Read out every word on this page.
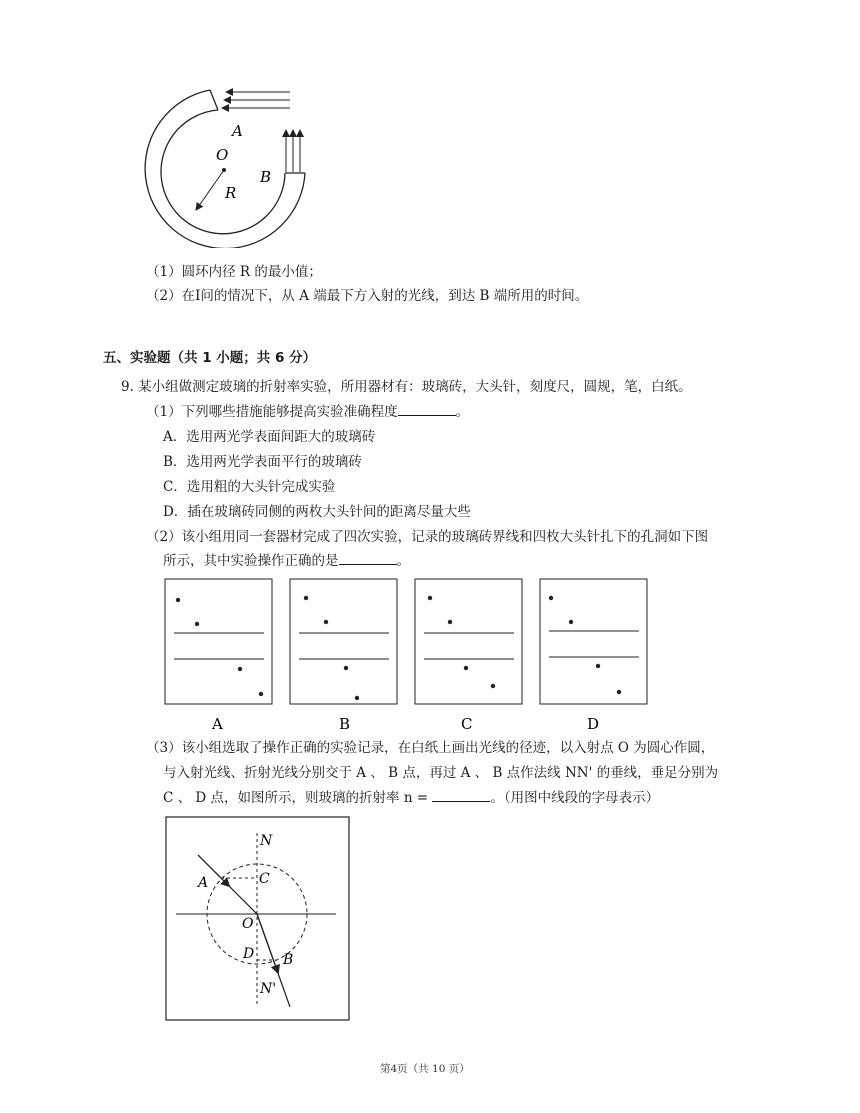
A
O
R
B
（1）圆环内径 R 的最小值；
（2）在Ⅰ问的情况下，从 A 端最下方入射的光线，到达 B 端所用的时间。
五、实验题（共 1 小题；共 6 分）
9. 某小组做测定玻璃的折射率实验，所用器材有：玻璃砖，大头针，刻度尺，圆规，笔，白纸。
（1）下列哪些措施能够提高实验准确程度	。
A．选用两光学表面间距大的玻璃砖
B．选用两光学表面平行的玻璃砖
C．选用粗的大头针完成实验
D．插在玻璃砖同侧的两枚大头针间的距离尽量大些
（2）该小组用同一套器材完成了四次实验，记录的玻璃砖界线和四枚大头针扎下的孔洞如下图
所示，其中实验操作正确的是	。
A	B	C	D
（3）该小组选取了操作正确的实验记录，在白纸上画出光线的径迹，以入射点 O 为圆心作圆，
与入射光线、折射光线分别交于 A 、 B 点，再过 A 、 B 点作法线 NN' 的垂线，垂足分别为
C 、 D 点，如图所示，则玻璃的折射率 n =	。（用图中线段的字母表示）
N
A	C
O
D B
N'
第4页（共 10 页）
